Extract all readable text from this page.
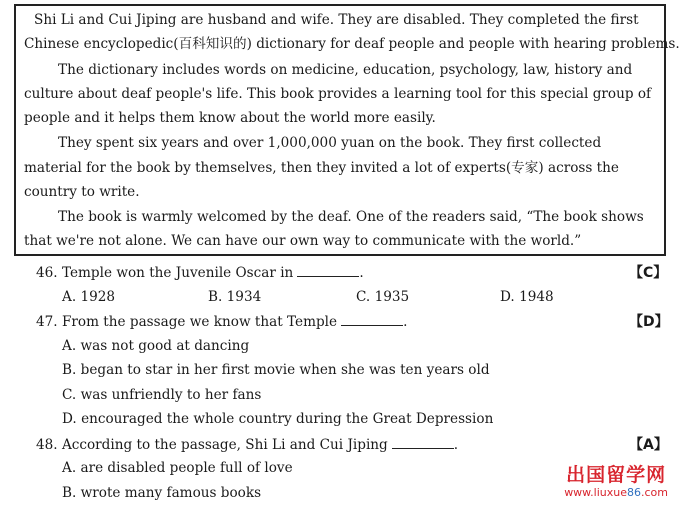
Shi Li and Cui Jiping are husband and wife. They are disabled. They completed the first
Chinese encyclopedic(百科知识的) dictionary for deaf people and people with hearing problems.
The dictionary includes words on medicine, education, psychology, law, history and
culture about deaf people's life. This book provides a learning tool for this special group of
people and it helps them know about the world more easily.
They spent six years and over 1,000,000 yuan on the book. They first collected
material for the book by themselves, then they invited a lot of experts(专家) across the
country to write.
The book is warmly welcomed by the deaf. One of the readers said, “The book shows
that we're not alone. We can have our own way to communicate with the world.”
46. Temple won the Juvenile Oscar in	.	【C】
A. 1928	B. 1934	C. 1935	D. 1948
47. From the passage we know that Temple	.	【D】
A. was not good at dancing
B. began to star in her first movie when she was ten years old
C. was unfriendly to her fans
D. encouraged the whole country during the Great Depression
48. According to the passage, Shi Li and Cui Jiping	.	【A】
A. are disabled people full of love
B. wrote many famous books
出国留学网
www.liuxue86.com
